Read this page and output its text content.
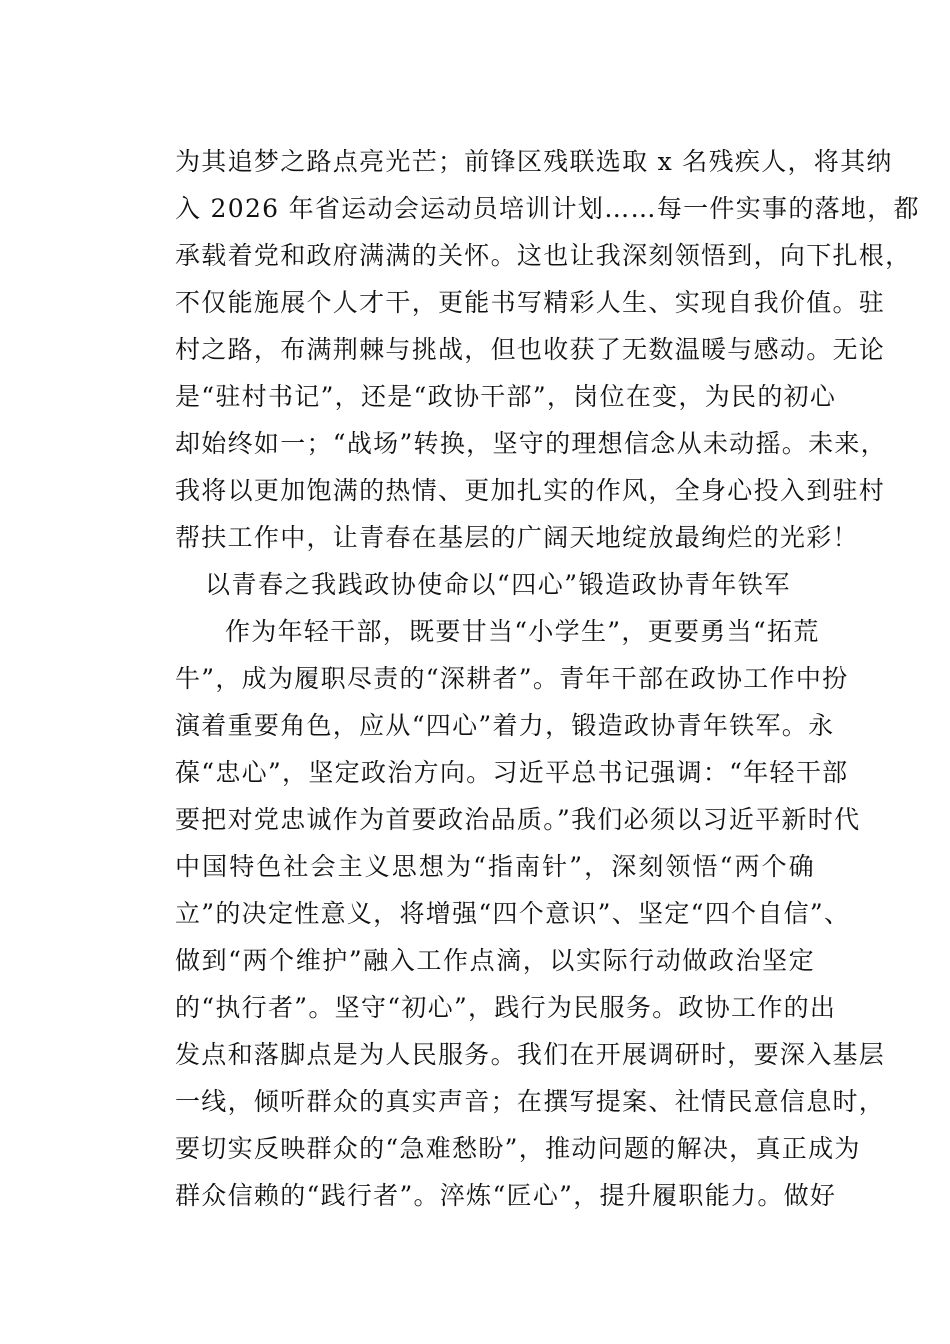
为其追梦之路点亮光芒；前锋区残联选取 x 名残疾人，将其纳
入 2026 年省运动会运动员培训计划……每一件实事的落地，都
承载着党和政府满满的关怀。这也让我深刻领悟到，向下扎根，
不仅能施展个人才干，更能书写精彩人生、实现自我价值。驻
村之路，布满荆棘与挑战，但也收获了无数温暖与感动。无论
是“驻村书记”，还是“政协干部”，岗位在变，为民的初心
却始终如一；“战场”转换，坚守的理想信念从未动摇。未来，
我将以更加饱满的热情、更加扎实的作风，全身心投入到驻村
帮扶工作中，让青春在基层的广阔天地绽放最绚烂的光彩！
以青春之我践政协使命以“四心”锻造政协青年铁军
作为年轻干部，既要甘当“小学生”，更要勇当“拓荒
牛”，成为履职尽责的“深耕者”。青年干部在政协工作中扮
演着重要角色，应从“四心”着力，锻造政协青年铁军。永
葆“忠心”，坚定政治方向。习近平总书记强调：“年轻干部
要把对党忠诚作为首要政治品质。”我们必须以习近平新时代
中国特色社会主义思想为“指南针”，深刻领悟“两个确
立”的决定性意义，将增强“四个意识”、坚定“四个自信”、
做到“两个维护”融入工作点滴，以实际行动做政治坚定
的“执行者”。坚守“初心”，践行为民服务。政协工作的出
发点和落脚点是为人民服务。我们在开展调研时，要深入基层
一线，倾听群众的真实声音；在撰写提案、社情民意信息时，
要切实反映群众的“急难愁盼”，推动问题的解决，真正成为
群众信赖的“践行者”。淬炼“匠心”，提升履职能力。做好
